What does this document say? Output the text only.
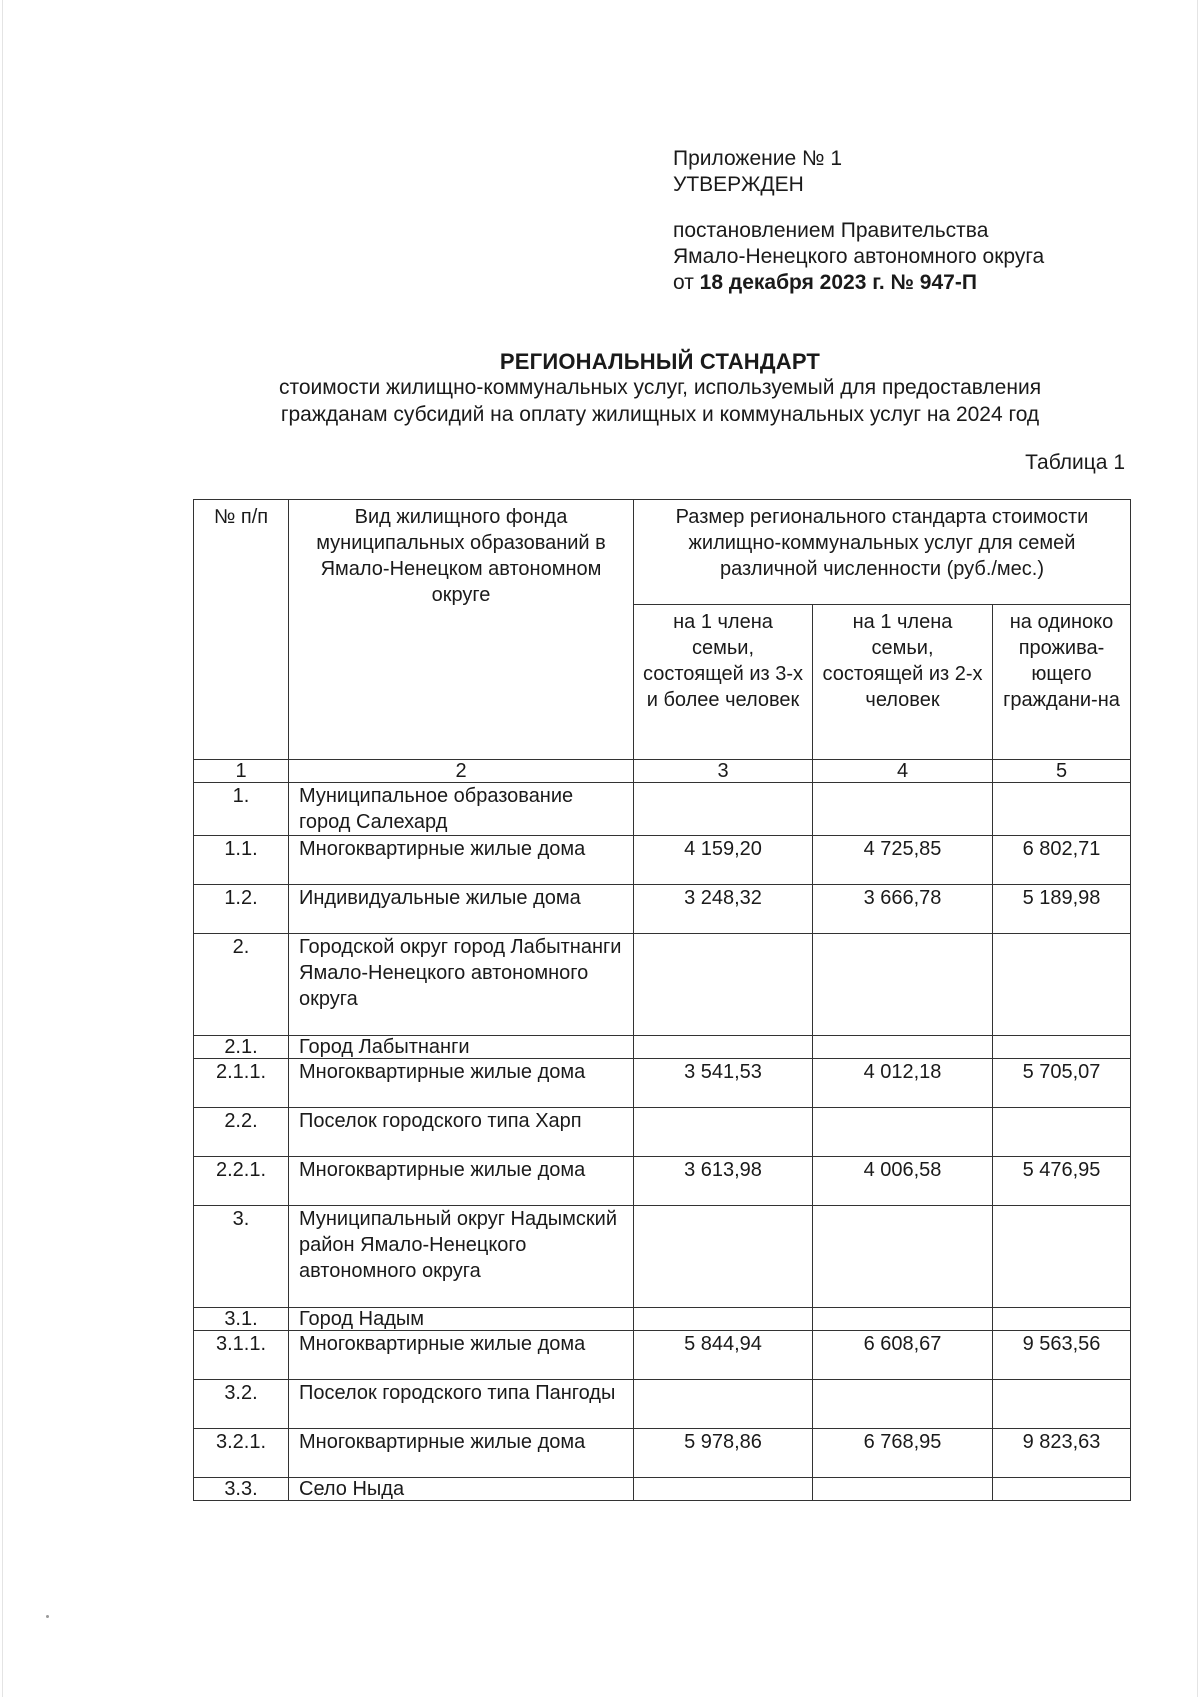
Приложение № 1
УТВЕРЖДЕН
постановлением Правительства
Ямало-Ненецкого автономного округа
от 18 декабря 2023 г. № 947-П
РЕГИОНАЛЬНЫЙ СТАНДАРТ
стоимости жилищно-коммунальных услуг, используемый для предоставления
гражданам субсидий на оплату жилищных и коммунальных услуг на 2024 год
Таблица 1
№ п/п	Вид жилищного фонда муниципальных образований в Ямало-Ненецком автономном округе	Размер регионального стандарта стоимости жилищно-коммунальных услуг для семей различной численности (руб./мес.)		
		на 1 члена семьи, состоящей из 3-х и более человек	на 1 члена семьи, состоящей из 2-х человек	на одиноко прожива-ющего граждани-на
1	2	3	4	5
1.	Муниципальное образование город Салехард			
1.1.	Многоквартирные жилые дома	4 159,20	4 725,85	6 802,71
1.2.	Индивидуальные жилые дома	3 248,32	3 666,78	5 189,98
2.	Городской округ город Лабытнанги Ямало-Ненецкого автономного округа			
2.1.	Город Лабытнанги			
2.1.1.	Многоквартирные жилые дома	3 541,53	4 012,18	5 705,07
2.2.	Поселок городского типа Харп			
2.2.1.	Многоквартирные жилые дома	3 613,98	4 006,58	5 476,95
3.	Муниципальный округ Надымский район Ямало-Ненецкого автономного округа			
3.1.	Город Надым			
3.1.1.	Многоквартирные жилые дома	5 844,94	6 608,67	9 563,56
3.2.	Поселок городского типа Пангоды			
3.2.1.	Многоквартирные жилые дома	5 978,86	6 768,95	9 823,63
3.3.	Село Ныда			
